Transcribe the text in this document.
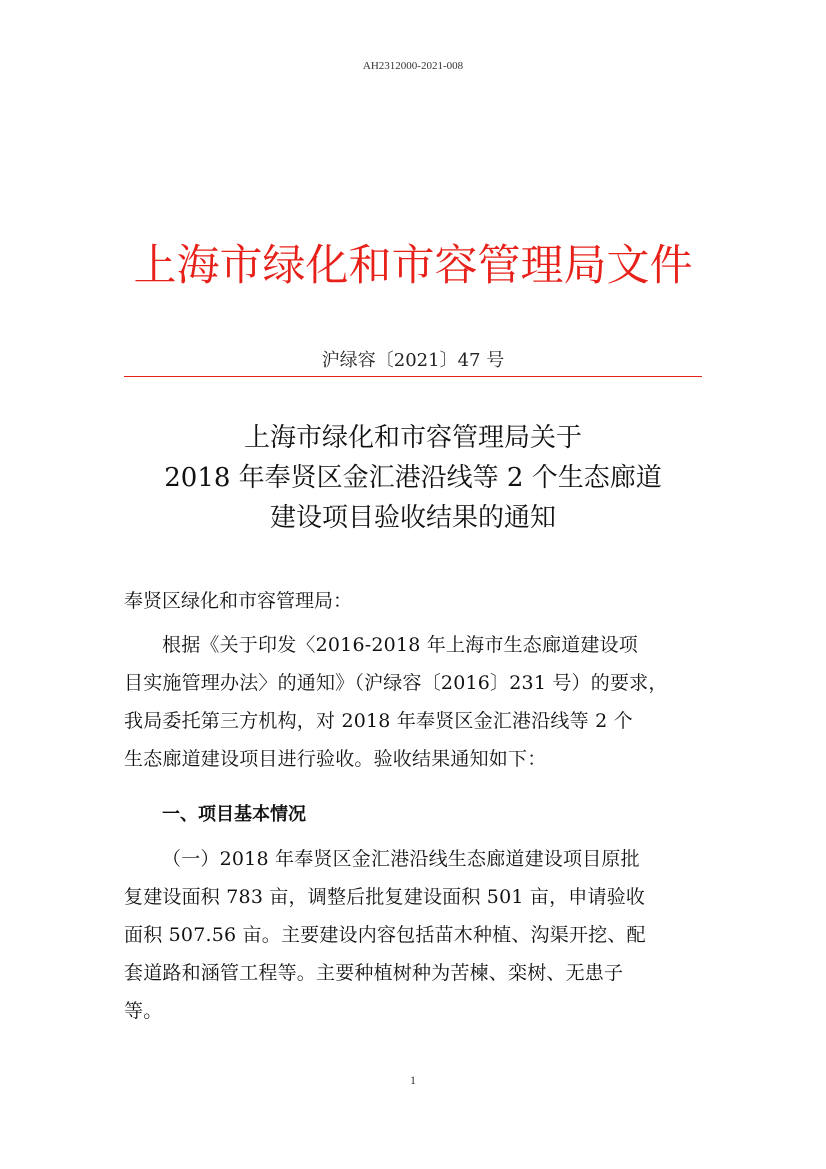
AH2312000-2021-008
上海市绿化和市容管理局文件
沪绿容〔2021〕47 号
上海市绿化和市容管理局关于
2018 年奉贤区金汇港沿线等 2 个生态廊道
建设项目验收结果的通知
奉贤区绿化和市容管理局：
根据《关于印发〈2016-2018 年上海市生态廊道建设项
目实施管理办法〉的通知》（沪绿容〔2016〕231 号）的要求，
我局委托第三方机构，对 2018 年奉贤区金汇港沿线等 2 个
生态廊道建设项目进行验收。验收结果通知如下：
一、项目基本情况
（一）2018 年奉贤区金汇港沿线生态廊道建设项目原批
复建设面积 783 亩，调整后批复建设面积 501 亩，申请验收
面积 507.56 亩。主要建设内容包括苗木种植、沟渠开挖、配
套道路和涵管工程等。主要种植树种为苦楝、栾树、无患子
等。
1
